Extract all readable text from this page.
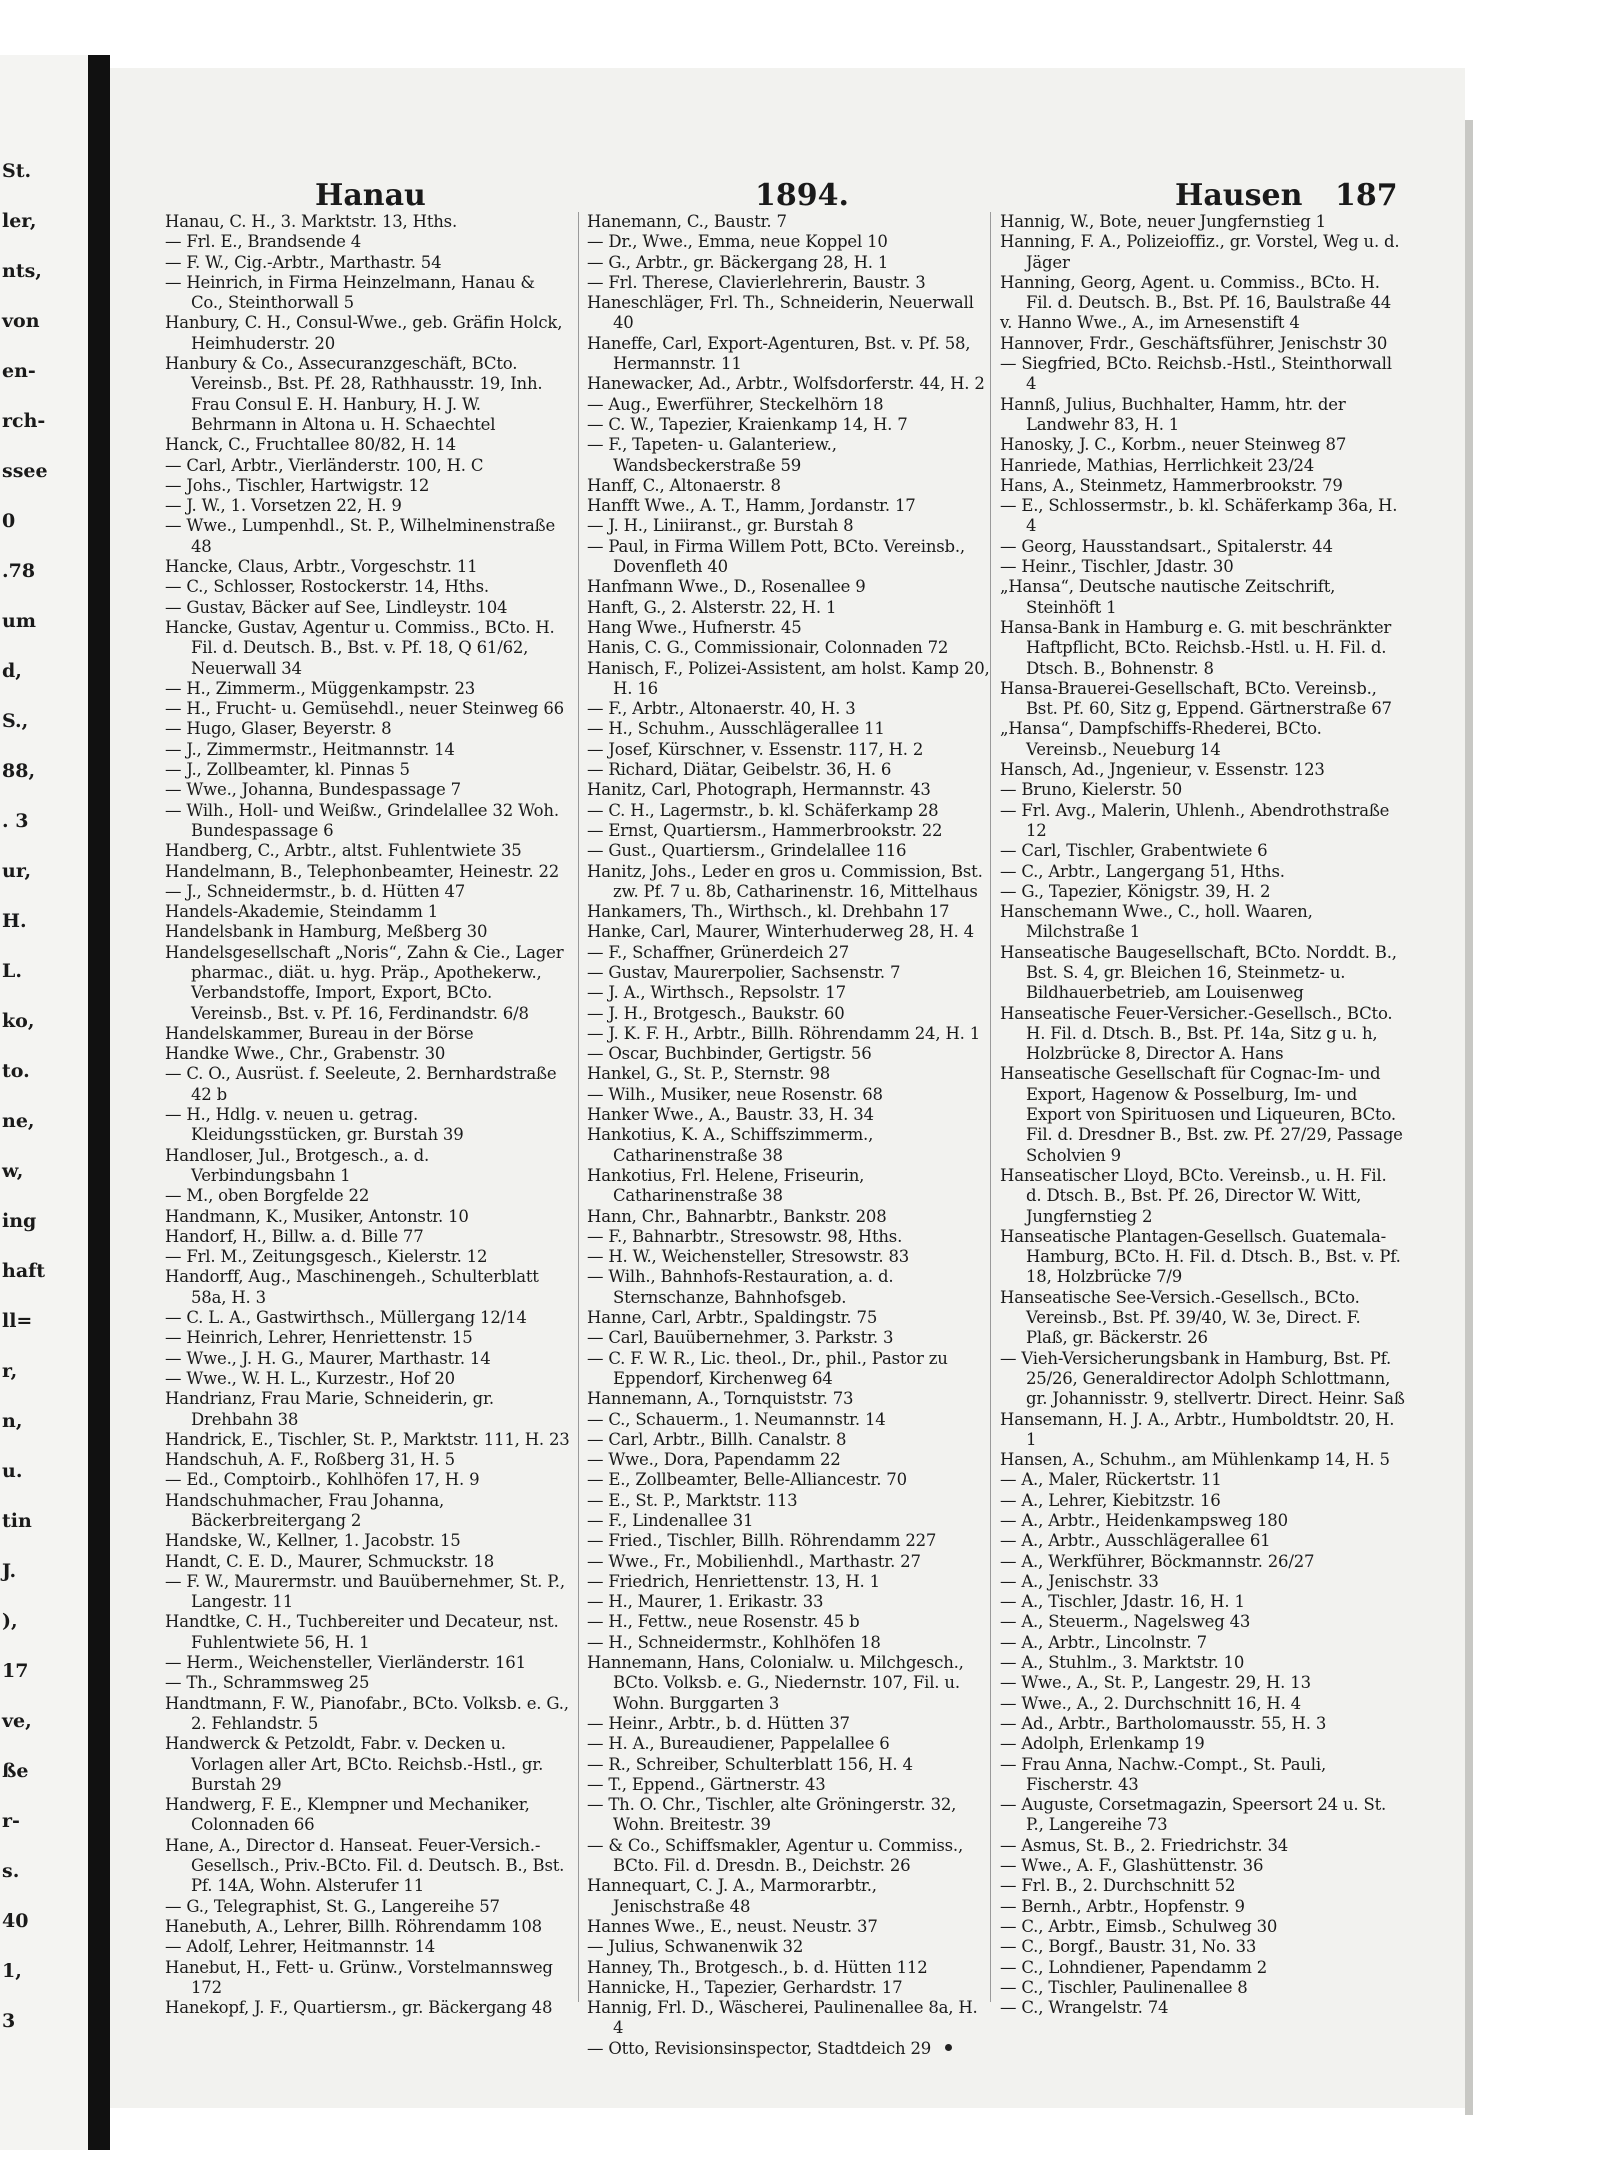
St.
ler,
nts,
von
en-
rch-
ssee
0
.78
um
d,
S.,
88,
. 3
ur,
H.
L.
ko,
to.
ne,
w,
ing
haft
ll=
r,
n,
u.
tin
J.
),
17
ve,
ße
r-
s.
40
1,
3
Hanau	1894.	Hausen 187

Hanau, C. H., 3. Marktstr. 13, Hths.

— Frl. E., Brandsende 4

— F. W., Cig.-Arbtr., Marthastr. 54

— Heinrich, in Firma Heinzelmann, Hanau & Co., Steinthorwall 5

Hanbury, C. H., Consul-Wwe., geb. Gräfin Holck, Heimhuderstr. 20

Hanbury & Co., Assecuranzgeschäft, BCto. Vereinsb., Bst. Pf. 28, Rathhausstr. 19, Inh. Frau Consul E. H. Hanbury, H. J. W. Behrmann in Altona u. H. Schaechtel

Hanck, C., Fruchtallee 80/82, H. 14

— Carl, Arbtr., Vierländerstr. 100, H. C

— Johs., Tischler, Hartwigstr. 12

— J. W., 1. Vorsetzen 22, H. 9

— Wwe., Lumpenhdl., St. P., Wilhelminenstraße 48

Hancke, Claus, Arbtr., Vorgeschstr. 11

— C., Schlosser, Rostockerstr. 14, Hths.

— Gustav, Bäcker auf See, Lindleystr. 104

Hancke, Gustav, Agentur u. Commiss., BCto. H. Fil. d. Deutsch. B., Bst. v. Pf. 18, Q 61/62, Neuerwall 34

— H., Zimmerm., Müggenkampstr. 23

— H., Frucht- u. Gemüsehdl., neuer Steinweg 66

— Hugo, Glaser, Beyerstr. 8

— J., Zimmermstr., Heitmannstr. 14

— J., Zollbeamter, kl. Pinnas 5

— Wwe., Johanna, Bundespassage 7

— Wilh., Holl- und Weißw., Grindelallee 32 Woh. Bundespassage 6

Handberg, C., Arbtr., altst. Fuhlentwiete 35

Handelmann, B., Telephonbeamter, Heinestr. 22

— J., Schneidermstr., b. d. Hütten 47

Handels-Akademie, Steindamm 1

Handelsbank in Hamburg, Meßberg 30

Handelsgesellschaft „Noris“, Zahn & Cie., Lager pharmac., diät. u. hyg. Präp., Apothekerw., Verbandstoffe, Import, Export, BCto. Vereinsb., Bst. v. Pf. 16, Ferdinandstr. 6/8

Handelskammer, Bureau in der Börse

Handke Wwe., Chr., Grabenstr. 30

— C. O., Ausrüst. f. Seeleute, 2. Bernhardstraße 42 b

— H., Hdlg. v. neuen u. getrag. Kleidungsstücken, gr. Burstah 39

Handloser, Jul., Brotgesch., a. d. Verbindungsbahn 1

— M., oben Borgfelde 22

Handmann, K., Musiker, Antonstr. 10

Handorf, H., Billw. a. d. Bille 77

— Frl. M., Zeitungsgesch., Kielerstr. 12

Handorff, Aug., Maschinengeh., Schulterblatt 58a, H. 3

— C. L. A., Gastwirthsch., Müllergang 12/14

— Heinrich, Lehrer, Henriettenstr. 15

— Wwe., J. H. G., Maurer, Marthastr. 14

— Wwe., W. H. L., Kurzestr., Hof 20

Handrianz, Frau Marie, Schneiderin, gr. Drehbahn 38

Handrick, E., Tischler, St. P., Marktstr. 111, H. 23

Handschuh, A. F., Roßberg 31, H. 5

— Ed., Comptoirb., Kohlhöfen 17, H. 9

Handschuhmacher, Frau Johanna, Bäckerbreitergang 2

Handske, W., Kellner, 1. Jacobstr. 15

Handt, C. E. D., Maurer, Schmuckstr. 18

— F. W., Maurermstr. und Bauübernehmer, St. P., Langestr. 11

Handtke, C. H., Tuchbereiter und Decateur, nst. Fuhlentwiete 56, H. 1

— Herm., Weichensteller, Vierländerstr. 161

— Th., Schrammsweg 25

Handtmann, F. W., Pianofabr., BCto. Volksb. e. G., 2. Fehlandstr. 5

Handwerck & Petzoldt, Fabr. v. Decken u. Vorlagen aller Art, BCto. Reichsb.-Hstl., gr. Burstah 29

Handwerg, F. E., Klempner und Mechaniker, Colonnaden 66

Hane, A., Director d. Hanseat. Feuer-Versich.-Gesellsch., Priv.-BCto. Fil. d. Deutsch. B., Bst. Pf. 14A, Wohn. Alsterufer 11

— G., Telegraphist, St. G., Langereihe 57

Hanebuth, A., Lehrer, Billh. Röhrendamm 108

— Adolf, Lehrer, Heitmannstr. 14

Hanebut, H., Fett- u. Grünw., Vorstelmannsweg 172

Hanekopf, J. F., Quartiersm., gr. Bäckergang 48

Hanemann, C., Baustr. 7

— Dr., Wwe., Emma, neue Koppel 10

— G., Arbtr., gr. Bäckergang 28, H. 1

— Frl. Therese, Clavierlehrerin, Baustr. 3

Haneschläger, Frl. Th., Schneiderin, Neuerwall 40

Haneffe, Carl, Export-Agenturen, Bst. v. Pf. 58, Hermannstr. 11

Hanewacker, Ad., Arbtr., Wolfsdorferstr. 44, H. 2

— Aug., Ewerführer, Steckelhörn 18

— C. W., Tapezier, Kraienkamp 14, H. 7

— F., Tapeten- u. Galanteriew., Wandsbeckerstraße 59

Hanff, C., Altonaerstr. 8

Hanfft Wwe., A. T., Hamm, Jordanstr. 17

— J. H., Liniiranst., gr. Burstah 8

— Paul, in Firma Willem Pott, BCto. Vereinsb., Dovenfleth 40

Hanfmann Wwe., D., Rosenallee 9

Hanft, G., 2. Alsterstr. 22, H. 1

Hang Wwe., Hufnerstr. 45

Hanis, C. G., Commissionair, Colonnaden 72

Hanisch, F., Polizei-Assistent, am holst. Kamp 20, H. 16

— F., Arbtr., Altonaerstr. 40, H. 3

— H., Schuhm., Ausschlägerallee 11

— Josef, Kürschner, v. Essenstr. 117, H. 2

— Richard, Diätar, Geibelstr. 36, H. 6

Hanitz, Carl, Photograph, Hermannstr. 43

— C. H., Lagermstr., b. kl. Schäferkamp 28

— Ernst, Quartiersm., Hammerbrookstr. 22

— Gust., Quartiersm., Grindelallee 116

Hanitz, Johs., Leder en gros u. Commission, Bst. zw. Pf. 7 u. 8b, Catharinenstr. 16, Mittelhaus

Hankamers, Th., Wirthsch., kl. Drehbahn 17

Hanke, Carl, Maurer, Winterhuderweg 28, H. 4

— F., Schaffner, Grünerdeich 27

— Gustav, Maurerpolier, Sachsenstr. 7

— J. A., Wirthsch., Repsolstr. 17

— J. H., Brotgesch., Baukstr. 60

— J. K. F. H., Arbtr., Billh. Röhrendamm 24, H. 1

— Oscar, Buchbinder, Gertigstr. 56

Hankel, G., St. P., Sternstr. 98

— Wilh., Musiker, neue Rosenstr. 68

Hanker Wwe., A., Baustr. 33, H. 34

Hankotius, K. A., Schiffszimmerm., Catharinenstraße 38

Hankotius, Frl. Helene, Friseurin, Catharinenstraße 38

Hann, Chr., Bahnarbtr., Bankstr. 208

— F., Bahnarbtr., Stresowstr. 98, Hths.

— H. W., Weichensteller, Stresowstr. 83

— Wilh., Bahnhofs-Restauration, a. d. Sternschanze, Bahnhofsgeb.

Hanne, Carl, Arbtr., Spaldingstr. 75

— Carl, Bauübernehmer, 3. Parkstr. 3

— C. F. W. R., Lic. theol., Dr., phil., Pastor zu Eppendorf, Kirchenweg 64

Hannemann, A., Tornquiststr. 73

— C., Schauerm., 1. Neumannstr. 14

— Carl, Arbtr., Billh. Canalstr. 8

— Wwe., Dora, Papendamm 22

— E., Zollbeamter, Belle-Alliancestr. 70

— E., St. P., Marktstr. 113

— F., Lindenallee 31

— Fried., Tischler, Billh. Röhrendamm 227

— Wwe., Fr., Mobilienhdl., Marthastr. 27

— Friedrich, Henriettenstr. 13, H. 1

— H., Maurer, 1. Erikastr. 33

— H., Fettw., neue Rosenstr. 45 b

— H., Schneidermstr., Kohlhöfen 18

Hannemann, Hans, Colonialw. u. Milchgesch., BCto. Volksb. e. G., Niedernstr. 107, Fil. u. Wohn. Burggarten 3

— Heinr., Arbtr., b. d. Hütten 37

— H. A., Bureaudiener, Pappelallee 6

— R., Schreiber, Schulterblatt 156, H. 4

— T., Eppend., Gärtnerstr. 43

— Th. O. Chr., Tischler, alte Gröningerstr. 32, Wohn. Breitestr. 39

— & Co., Schiffsmakler, Agentur u. Commiss., BCto. Fil. d. Dresdn. B., Deichstr. 26

Hannequart, C. J. A., Marmorarbtr., Jenischstraße 48

Hannes Wwe., E., neust. Neustr. 37

— Julius, Schwanenwik 32

Hanney, Th., Brotgesch., b. d. Hütten 112

Hannicke, H., Tapezier, Gerhardstr. 17

Hannig, Frl. D., Wäscherei, Paulinenallee 8a, H. 4

— Otto, Revisionsinspector, Stadtdeich 29

Hannig, W., Bote, neuer Jungfernstieg 1

Hanning, F. A., Polizeioffiz., gr. Vorstel, Weg u. d. Jäger

Hanning, Georg, Agent. u. Commiss., BCto. H. Fil. d. Deutsch. B., Bst. Pf. 16, Baulstraße 44

v. Hanno Wwe., A., im Arnesenstift 4

Hannover, Frdr., Geschäftsführer, Jenischstr 30

— Siegfried, BCto. Reichsb.-Hstl., Steinthorwall 4

Hannß, Julius, Buchhalter, Hamm, htr. der Landwehr 83, H. 1

Hanosky, J. C., Korbm., neuer Steinweg 87

Hanriede, Mathias, Herrlichkeit 23/24

Hans, A., Steinmetz, Hammerbrookstr. 79

— E., Schlossermstr., b. kl. Schäferkamp 36a, H. 4

— Georg, Hausstandsart., Spitalerstr. 44

— Heinr., Tischler, Jdastr. 30

„Hansa“, Deutsche nautische Zeitschrift, Steinhöft 1

Hansa-Bank in Hamburg e. G. mit beschränkter Haftpflicht, BCto. Reichsb.-Hstl. u. H. Fil. d. Dtsch. B., Bohnenstr. 8

Hansa-Brauerei-Gesellschaft, BCto. Vereinsb., Bst. Pf. 60, Sitz g, Eppend. Gärtnerstraße 67

„Hansa“, Dampfschiffs-Rhederei, BCto. Vereinsb., Neueburg 14

Hansch, Ad., Jngenieur, v. Essenstr. 123

— Bruno, Kielerstr. 50

— Frl. Avg., Malerin, Uhlenh., Abendrothstraße 12

— Carl, Tischler, Grabentwiete 6

— C., Arbtr., Langergang 51, Hths.

— G., Tapezier, Königstr. 39, H. 2

Hanschemann Wwe., C., holl. Waaren, Milchstraße 1

Hanseatische Baugesellschaft, BCto. Norddt. B., Bst. S. 4, gr. Bleichen 16, Steinmetz- u. Bildhauerbetrieb, am Louisenweg

Hanseatische Feuer-Versicher.-Gesellsch., BCto. H. Fil. d. Dtsch. B., Bst. Pf. 14a, Sitz g u. h, Holzbrücke 8, Director A. Hans

Hanseatische Gesellschaft für Cognac-Im- und Export, Hagenow & Posselburg, Im- und Export von Spirituosen und Liqueuren, BCto. Fil. d. Dresdner B., Bst. zw. Pf. 27/29, Passage Scholvien 9

Hanseatischer Lloyd, BCto. Vereinsb., u. H. Fil. d. Dtsch. B., Bst. Pf. 26, Director W. Witt, Jungfernstieg 2

Hanseatische Plantagen-Gesellsch. Guatemala-Hamburg, BCto. H. Fil. d. Dtsch. B., Bst. v. Pf. 18, Holzbrücke 7/9

Hanseatische See-Versich.-Gesellsch., BCto. Vereinsb., Bst. Pf. 39/40, W. 3e, Direct. F. Plaß, gr. Bäckerstr. 26

— Vieh-Versicherungsbank in Hamburg, Bst. Pf. 25/26, Generaldirector Adolph Schlottmann, gr. Johannisstr. 9, stellvertr. Direct. Heinr. Saß

Hansemann, H. J. A., Arbtr., Humboldtstr. 20, H. 1

Hansen, A., Schuhm., am Mühlenkamp 14, H. 5

— A., Maler, Rückertstr. 11

— A., Lehrer, Kiebitzstr. 16

— A., Arbtr., Heidenkampsweg 180

— A., Arbtr., Ausschlägerallee 61

— A., Werkführer, Böckmannstr. 26/27

— A., Jenischstr. 33

— A., Tischler, Jdastr. 16, H. 1

— A., Steuerm., Nagelsweg 43

— A., Arbtr., Lincolnstr. 7

— A., Stuhlm., 3. Marktstr. 10

— Wwe., A., St. P., Langestr. 29, H. 13

— Wwe., A., 2. Durchschnitt 16, H. 4

— Ad., Arbtr., Bartholomausstr. 55, H. 3

— Adolph, Erlenkamp 19

— Frau Anna, Nachw.-Compt., St. Pauli, Fischerstr. 43

— Auguste, Corsetmagazin, Speersort 24 u. St. P., Langereihe 73

— Asmus, St. B., 2. Friedrichstr. 34

— Wwe., A. F., Glashüttenstr. 36

— Frl. B., 2. Durchschnitt 52

— Bernh., Arbtr., Hopfenstr. 9

— C., Arbtr., Eimsb., Schulweg 30

— C., Borgf., Baustr. 31, No. 33

— C., Lohndiener, Papendamm 2

— C., Tischler, Paulinenallee 8

— C., Wrangelstr. 74
